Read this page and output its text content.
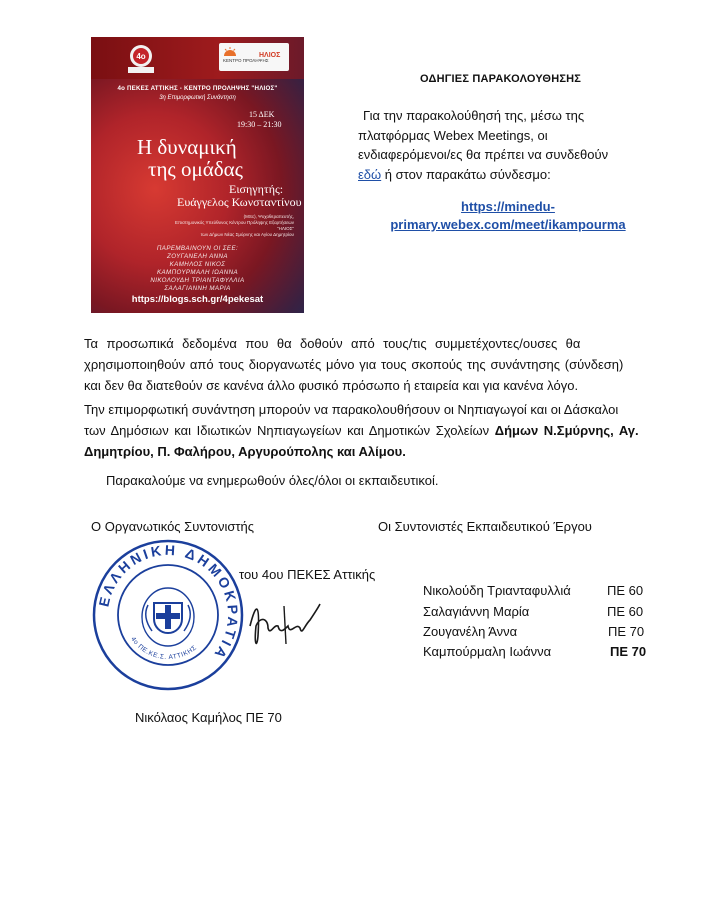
4ο	ΚΕΝΤΡΟ ΠΡΟΛΗΨΗΣ
ΗΛΙΟΣ
4ο ΠΕΚΕΣ ΑΤΤΙΚΗΣ - ΚΕΝΤΡΟ ΠΡΟΛΗΨΗΣ "ΗΛΙΟΣ"
3η Επιμορφωτική Συνάντηση
15 ΔΕΚ
19:30 – 21:30
Η δυναμική
της ομάδας
Εισηγητής:
Ευάγγελος Κωνσταντίνου
(MSc), Ψυχοθεραπευτής,
Επιστημονικός Υπεύθυνος Κέντρου Πρόληψης Εξαρτήσεων
"ΗΛΙΟΣ"
των Δήμων Νέας Σμύρνης και Αγίου Δημητρίου
ΠΑΡΕΜΒΑΙΝΟΥΝ ΟΙ ΣΕΕ:
ΖΟΥΓΑΝΕΛΗ ΑΝΝΑ
ΚΑΜΗΛΟΣ ΝΙΚΟΣ
ΚΑΜΠΟΥΡΜΑΛΗ ΙΩΑΝΝΑ
ΝΙΚΟΛΟΥΔΗ ΤΡΙΑΝΤΑΦΥΛΛΙΑ
ΣΑΛΑΓΙΑΝΝΗ ΜΑΡΙΑ
https://blogs.sch.gr/4pekesat
ΟΔΗΓΙΕΣ ΠΑΡΑΚΟΛΟΥΘΗΣΗΣ
Για την παρακολούθησή της, μέσω της
πλατφόρμας Webex Meetings, οι
ενδιαφερόμενοι/ες θα πρέπει να συνδεθούν
εδώ ή στον παρακάτω σύνδεσμο:
https://minedu-
primary.webex.com/meet/ikampourma
Τα προσωπικά δεδομένα που θα δοθούν από τους/τις συμμετέχοντες/ουσες θα
χρησιμοποιηθούν από τους διοργανωτές μόνο για τους σκοπούς της συνάντησης (σύνδεση)
και δεν θα διατεθούν σε κανένα άλλο φυσικό πρόσωπο ή εταιρεία και για κανένα λόγο.
Την επιμορφωτική συνάντηση μπορούν να παρακολουθήσουν οι Νηπιαγωγοί και οι Δάσκαλοι
των Δημόσιων και Ιδιωτικών Νηπιαγωγείων και Δημοτικών Σχολείων Δήμων Ν.Σμύρνης, Αγ.
Δημητρίου, Π. Φαλήρου, Αργυρούπολης και Αλίμου.
Παρακαλούμε να ενημερωθούν όλες/όλοι οι εκπαιδευτικοί.
Ο Οργανωτικός Συντονιστής	Οι Συντονιστές Εκπαιδευτικού Έργου
ΕΛΛΗΝΙΚΗ ΔΗΜΟΚΡΑΤΙΑ
4ο ΠΕ.ΚΕ.Σ. ΑΤΤΙΚΗΣ
του 4ου ΠΕΚΕΣ Αττικής
Νικολούδη Τριανταφυλλιά	ΠΕ 60
Σαλαγιάννη Μαρία	ΠΕ 60
Ζουγανέλη Άννα	ΠΕ 70
Καμπούρμαλη Ιωάννα	ΠΕ 70
Νικόλαος Καμήλος ΠΕ 70
